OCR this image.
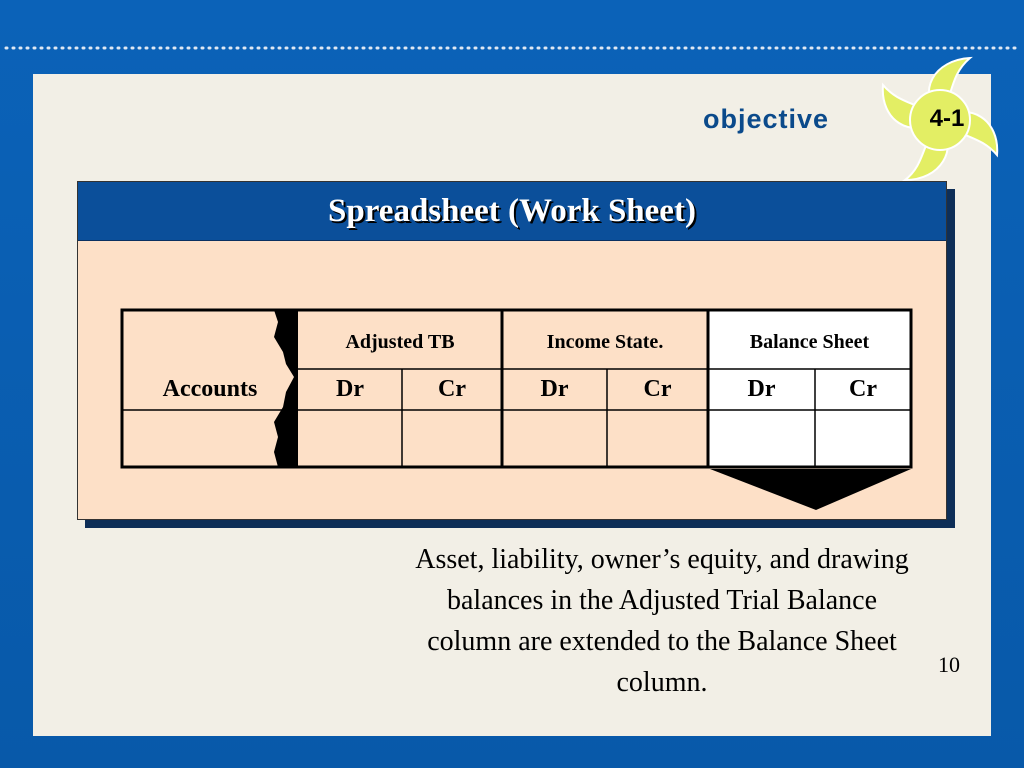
objective	4-1
Spreadsheet (Work Sheet)
Adjusted TB	Income State.	Balance Sheet
Accounts	Dr	Cr	Dr	Cr	Dr	Cr
Asset, liability, owner’s equity, and drawing balances in the Adjusted Trial Balance column are extended to the Balance Sheet column.
10
